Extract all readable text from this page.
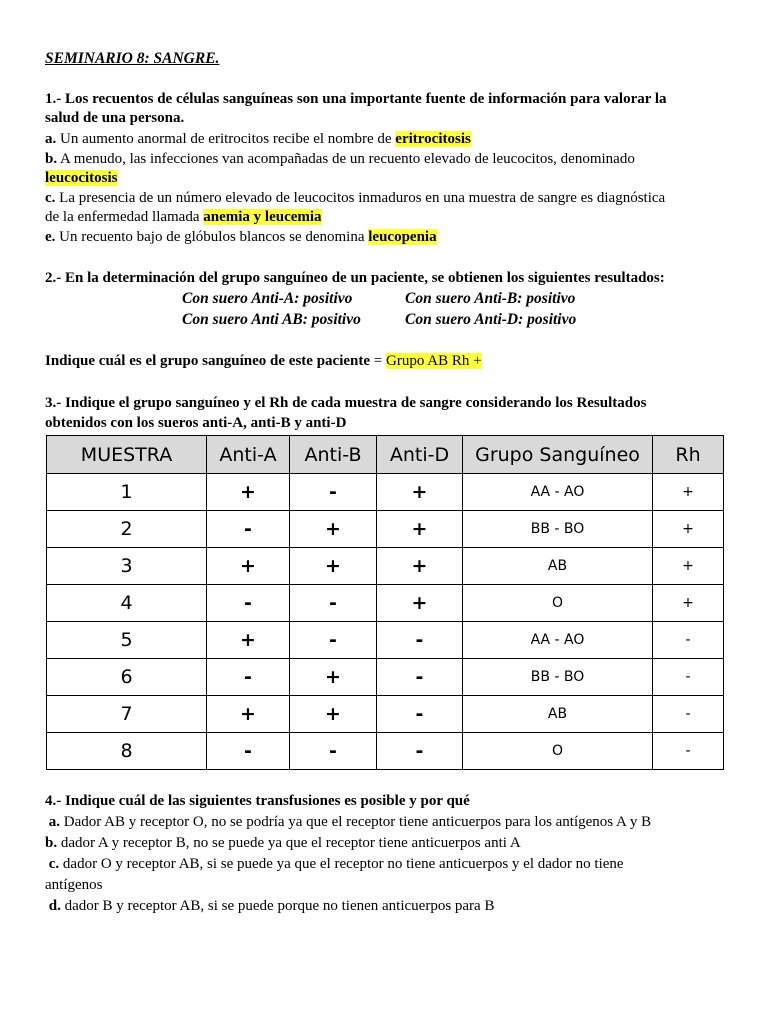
SEMINARIO 8: SANGRE.
1.- Los recuentos de células sanguíneas son una importante fuente de información para valorar la
salud de una persona.
a. Un aumento anormal de eritrocitos recibe el nombre de eritrocitosis
b. A menudo, las infecciones van acompañadas de un recuento elevado de leucocitos, denominado
leucocitosis
c. La presencia de un número elevado de leucocitos inmaduros en una muestra de sangre es diagnóstica
de la enfermedad llamada anemia y leucemia
e. Un recuento bajo de glóbulos blancos se denomina leucopenia
2.- En la determinación del grupo sanguíneo de un paciente, se obtienen los siguientes resultados:
Con suero Anti-A: positivo	Con suero Anti-B: positivo
Con suero Anti AB: positivo	Con suero Anti-D: positivo
Indique cuál es el grupo sanguíneo de este paciente = Grupo AB Rh +
3.- Indique el grupo sanguíneo y el Rh de cada muestra de sangre considerando los Resultados
obtenidos con los sueros anti-A, anti-B y anti-D
MUESTRA	Anti-A	Anti-B	Anti-D	Grupo Sanguíneo	Rh
1	+	-	+	AA - AO	+
2	-	+	+	BB - BO	+
3	+	+	+	AB	+
4	-	-	+	O	+
5	+	-	-	AA - AO	-
6	-	+	-	BB - BO	-
7	+	+	-	AB	-
8	-	-	-	O	-
4.- Indique cuál de las siguientes transfusiones es posible y por qué
a. Dador AB y receptor O, no se podría ya que el receptor tiene anticuerpos para los antígenos A y B
b. dador A y receptor B, no se puede ya que el receptor tiene anticuerpos anti A
c. dador O y receptor AB, si se puede ya que el receptor no tiene anticuerpos y el dador no tiene
antígenos
d. dador B y receptor AB, si se puede porque no tienen anticuerpos para B
